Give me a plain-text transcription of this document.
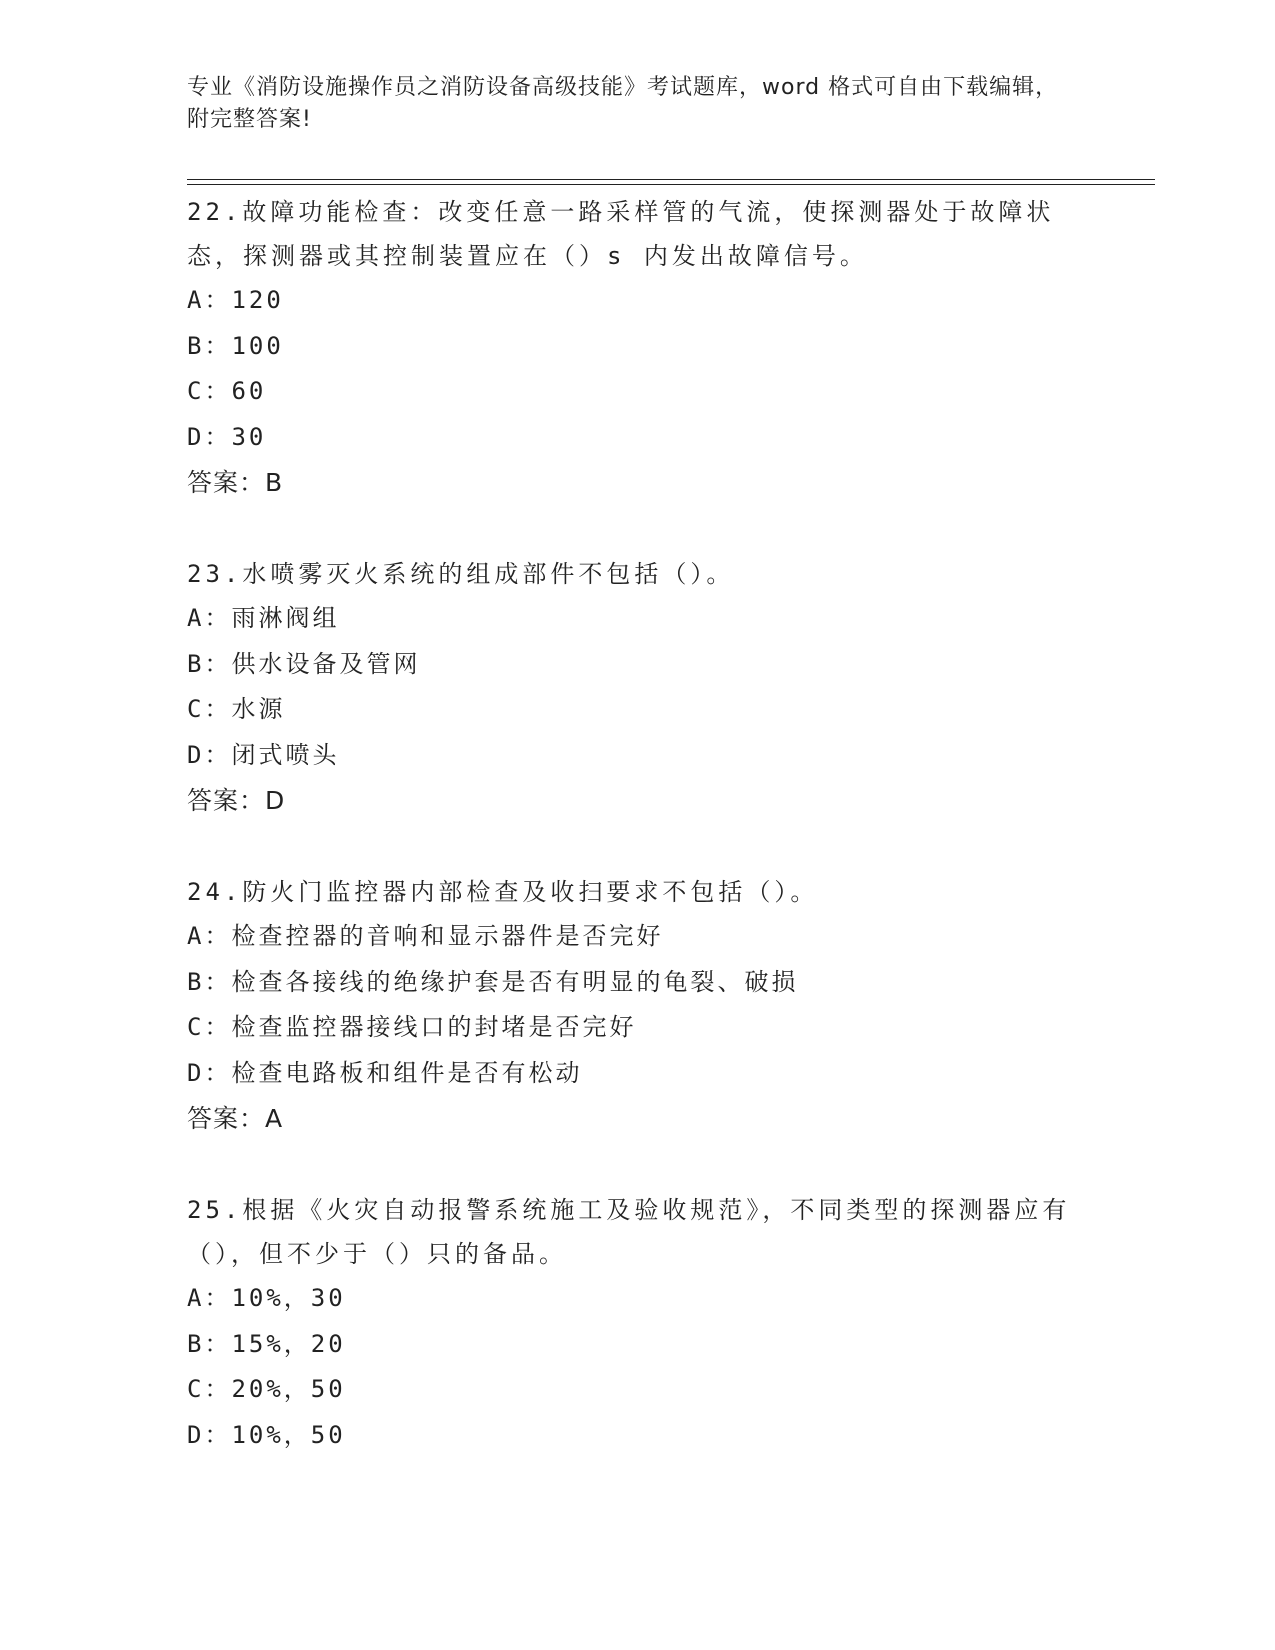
专业《消防设施操作员之消防设备高级技能》考试题库，word 格式可自由下载编辑，附完整答案!
22.故障功能检查：改变任意一路采样管的气流，使探测器处于故障状态，探测器或其控制装置应在（）s 内发出故障信号。
A：120
B：100
C：60
D：30
答案：B
23.水喷雾灭火系统的组成部件不包括（）。
A：雨淋阀组
B：供水设备及管网
C：水源
D：闭式喷头
答案：D
24.防火门监控器内部检查及收扫要求不包括（）。
A：检查控器的音响和显示器件是否完好
B：检查各接线的绝缘护套是否有明显的龟裂、破损
C：检查监控器接线口的封堵是否完好
D：检查电路板和组件是否有松动
答案：A
25.根据《火灾自动报警系统施工及验收规范》，不同类型的探测器应有（），但不少于（）只的备品。
A：10%，30
B：15%，20
C：20%，50
D：10%，50
